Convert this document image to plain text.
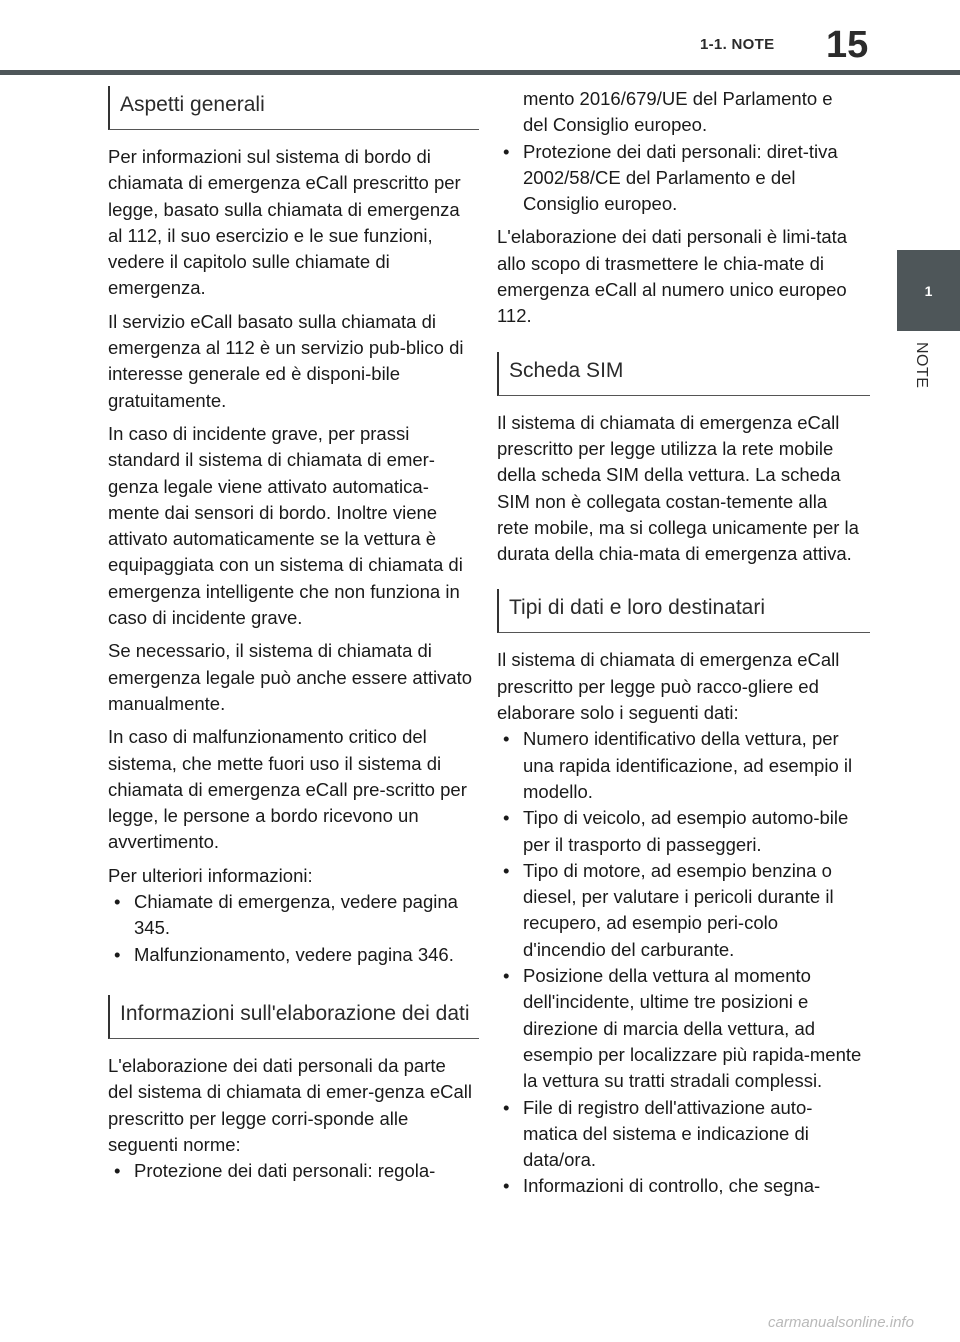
1-1. NOTE 15
1
NOTE
Aspetti generali

Per informazioni sul sistema di bordo di chiamata di emergenza eCall prescritto per legge, basato sulla chiamata di emergenza al 112, il suo esercizio e le sue funzioni, vedere il capitolo sulle chiamate di emergenza.

Il servizio eCall basato sulla chiamata di emergenza al 112 è un servizio pub-blico di interesse generale ed è disponi-bile gratuitamente.

In caso di incidente grave, per prassi standard il sistema di chiamata di emer-genza legale viene attivato automatica-mente dai sensori di bordo. Inoltre viene attivato automaticamente se la vettura è equipaggiata con un sistema di chiamata di emergenza intelligente che non funziona in caso di incidente grave.

Se necessario, il sistema di chiamata di emergenza legale può anche essere attivato manualmente.

In caso di malfunzionamento critico del sistema, che mette fuori uso il sistema di chiamata di emergenza eCall pre-scritto per legge, le persone a bordo ricevono un avvertimento.

Per ulteriori informazioni:

• Chiamate di emergenza, vedere pagina 345.
• Malfunzionamento, vedere pagina 346.
Informazioni sull'elaborazione dei dati

L'elaborazione dei dati personali da parte del sistema di chiamata di emer-genza eCall prescritto per legge corri-sponde alle seguenti norme:

• Protezione dei dati personali: regola-

mento 2016/679/UE del Parlamento e del Consiglio europeo.

• Protezione dei dati personali: diret-tiva 2002/58/CE del Parlamento e del Consiglio europeo.

L'elaborazione dei dati personali è limi-tata allo scopo di trasmettere le chia-mate di emergenza eCall al numero unico europeo 112.

Scheda SIM

Il sistema di chiamata di emergenza eCall prescritto per legge utilizza la rete mobile della scheda SIM della vettura. La scheda SIM non è collegata costan-temente alla rete mobile, ma si collega unicamente per la durata della chia-mata di emergenza attiva.

Tipi di dati e loro destinatari

Il sistema di chiamata di emergenza eCall prescritto per legge può racco-gliere ed elaborare solo i seguenti dati:

• Numero identificativo della vettura, per una rapida identificazione, ad esempio il modello.
• Tipo di veicolo, ad esempio automo-bile per il trasporto di passeggeri.
• Tipo di motore, ad esempio benzina o diesel, per valutare i pericoli durante il recupero, ad esempio peri-colo d'incendio del carburante.
• Posizione della vettura al momento dell'incidente, ultime tre posizioni e direzione di marcia della vettura, ad esempio per localizzare più rapida-mente la vettura su tratti stradali complessi.
• File di registro dell'attivazione auto-matica del sistema e indicazione di data/ora.
• Informazioni di controllo, che segna-
carmanualsonline.info
